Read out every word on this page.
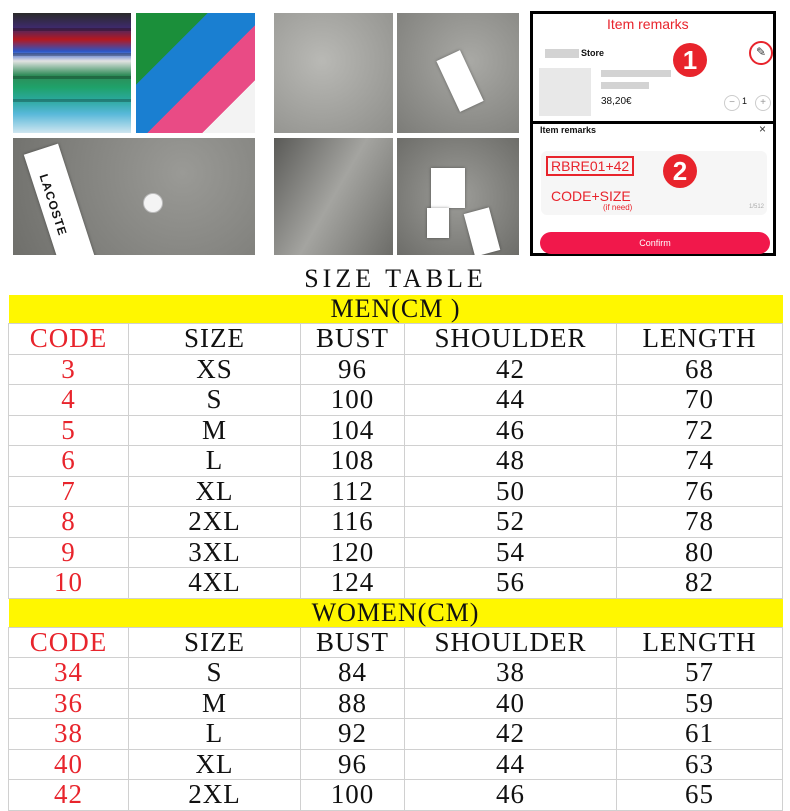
LACOSTE
Item remarks
Store	1	✎
38,20€	− 1	+
Item remarks	×
RBRE01+42	2
CODE+SIZE
(if need)	1/512
Confirm
SIZE TABLE				
MEN(CM )				
CODE	SIZE	BUST	SHOULDER	LENGTH
3	XS	96	42	68
4	S	100	44	70
5	M	104	46	72
6	L	108	48	74
7	XL	112	50	76
8	2XL	116	52	78
9	3XL	120	54	80
10	4XL	124	56	82
WOMEN(CM)				
CODE	SIZE	BUST	SHOULDER	LENGTH
34	S	84	38	57
36	M	88	40	59
38	L	92	42	61
40	XL	96	44	63
42	2XL	100	46	65
